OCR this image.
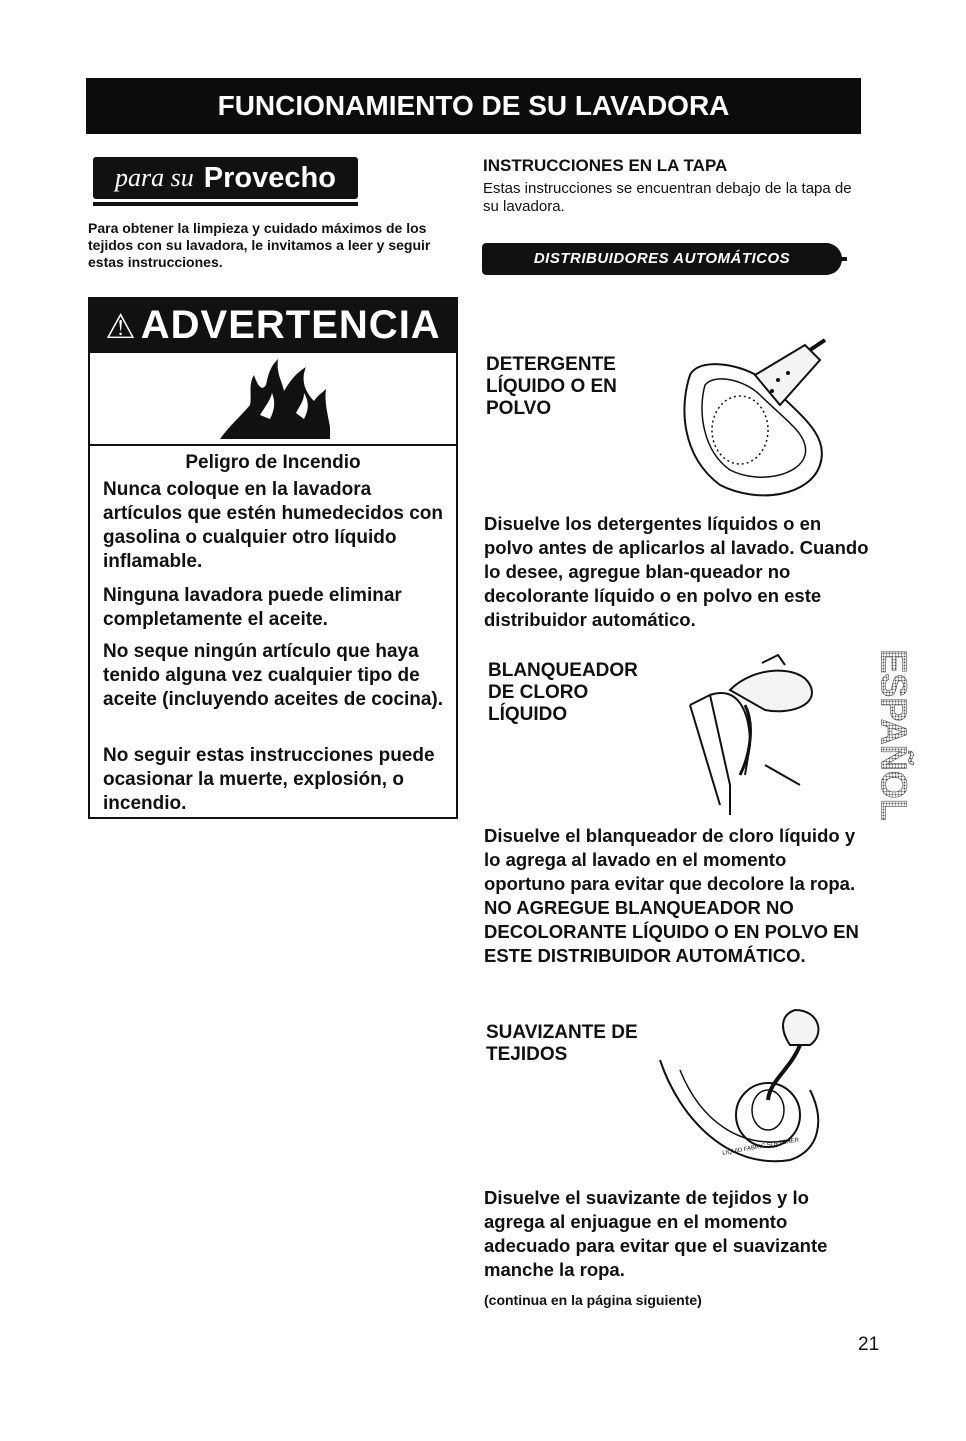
FUNCIONAMIENTO DE SU LAVADORA
para su Provecho
Para obtener la limpieza y cuidado máximos de los tejidos con su lavadora, le invitamos a leer y seguir estas instrucciones.
⚠ ADVERTENCIA
Peligro de Incendio
Nunca coloque en la lavadora artículos que estén humedecidos con gasolina o cualquier otro líquido inflamable.
Ninguna lavadora puede eliminar completamente el aceite.
No seque ningún artículo que haya tenido alguna vez cualquier tipo de aceite (incluyendo aceites de cocina).
No seguir estas instrucciones puede ocasionar la muerte, explosión, o incendio.
INSTRUCCIONES EN LA TAPA
Estas instrucciones se encuentran debajo de la tapa de su lavadora.
DISTRIBUIDORES AUTOMÁTICOS
DETERGENTE
LÍQUIDO O EN
POLVO
Disuelve los detergentes líquidos o en polvo antes de aplicarlos al lavado. Cuando lo desee, agregue blan-queador no decolorante líquido o en polvo en este distribuidor automático.
BLANQUEADOR
DE CLORO
LÍQUIDO
Disuelve el blanqueador de cloro líquido y lo agrega al lavado en el momento oportuno para evitar que decolore la ropa. NO AGREGUE BLANQUEADOR NO DECOLORANTE LÍQUIDO O EN POLVO EN ESTE DISTRIBUIDOR AUTOMÁTICO.
SUAVIZANTE DE
TEJIDOS
LIQUID FABRIC SOFTENER
Disuelve el suavizante de tejidos y lo agrega al enjuague en el momento adecuado para evitar que el suavizante manche la ropa.
ESPAÑOL
(continua en la página siguiente)
21
